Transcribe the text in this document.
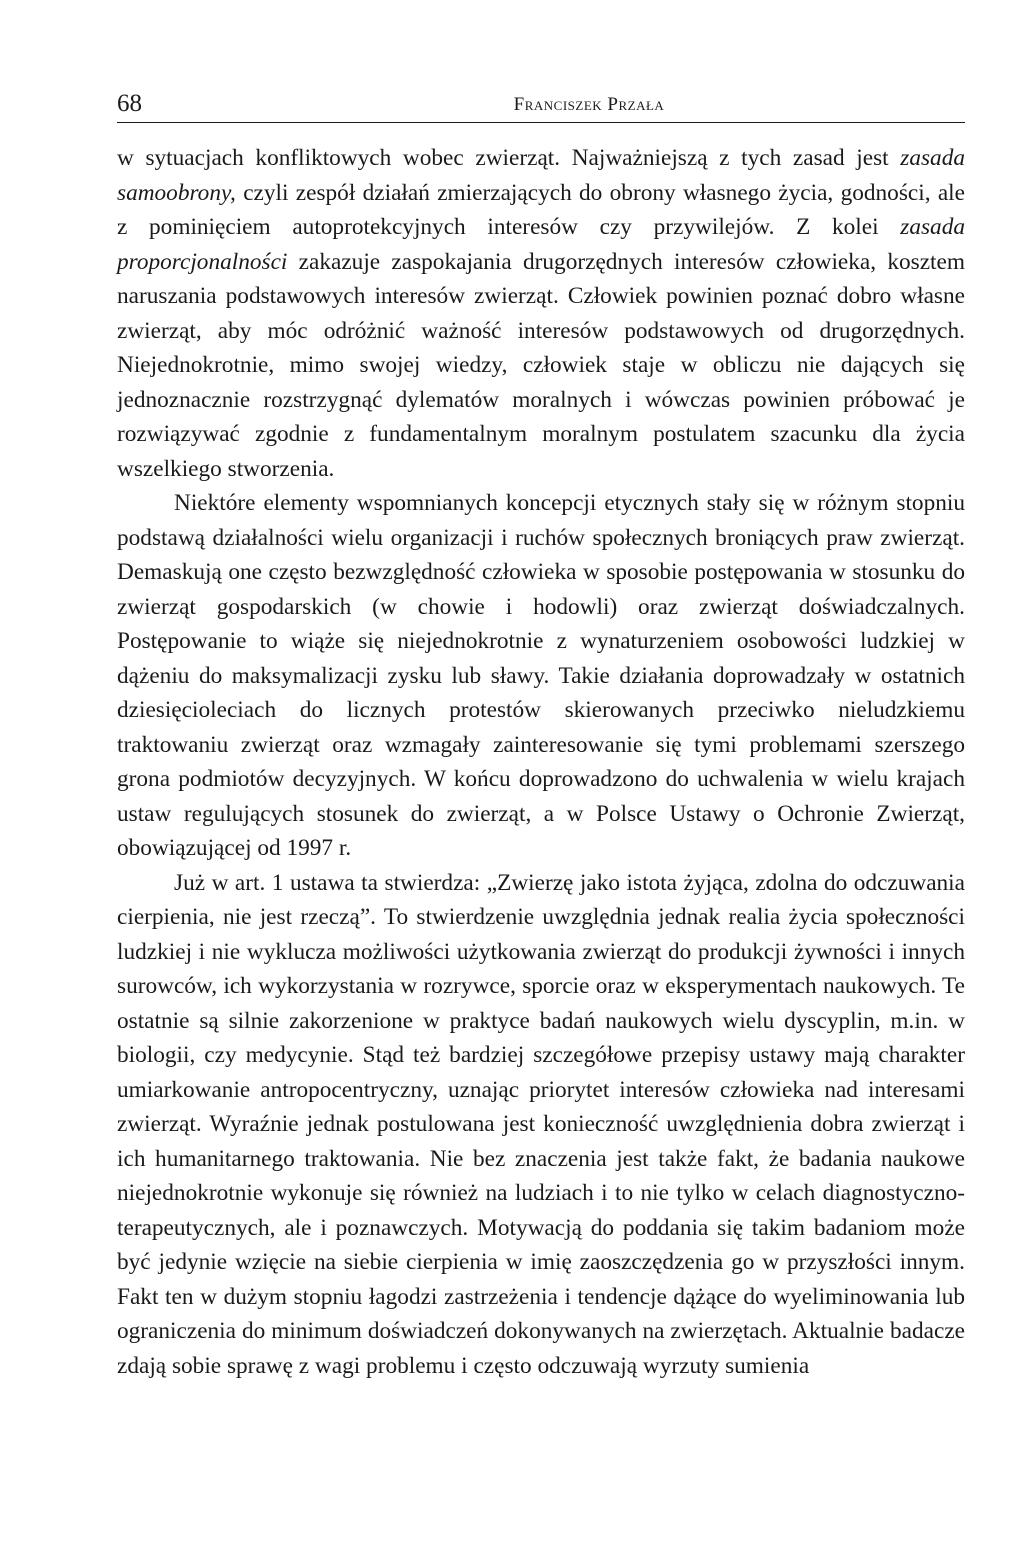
68	Franciszek Przała

w sytuacjach konfliktowych wobec zwierząt. Najważniejszą z tych zasad jest zasada samoobrony, czyli zespół działań zmierzających do obrony własnego życia, godności, ale z pominięciem autoprotekcyjnych interesów czy przywilejów. Z kolei zasada proporcjonalności zakazuje zaspokajania drugorzędnych interesów człowieka, kosztem naruszania podstawowych interesów zwierząt. Człowiek powinien poznać dobro własne zwierząt, aby móc odróżnić ważność interesów podstawowych od drugorzędnych. Niejednokrotnie, mimo swojej wiedzy, człowiek staje w obliczu nie dających się jednoznacznie rozstrzygnąć dylematów moralnych i wówczas powinien próbować je rozwiązywać zgodnie z fundamentalnym moralnym postulatem szacunku dla życia wszelkiego stworzenia.

Niektóre elementy wspomnianych koncepcji etycznych stały się w różnym stopniu podstawą działalności wielu organizacji i ruchów społecznych broniących praw zwierząt. Demaskują one często bezwzględność człowieka w sposobie postępowania w stosunku do zwierząt gospodarskich (w chowie i hodowli) oraz zwierząt doświadczalnych. Postępowanie to wiąże się niejednokrotnie z wynaturzeniem osobowości ludzkiej w dążeniu do maksymalizacji zysku lub sławy. Takie działania doprowadzały w ostatnich dziesięcioleciach do licznych protestów skierowanych przeciwko nieludzkiemu traktowaniu zwierząt oraz wzmagały zainteresowanie się tymi problemami szerszego grona podmiotów decyzyjnych. W końcu doprowadzono do uchwalenia w wielu krajach ustaw regulujących stosunek do zwierząt, a w Polsce Ustawy o Ochronie Zwierząt, obowiązującej od 1997 r.

Już w art. 1 ustawa ta stwierdza: „Zwierzę jako istota żyjąca, zdolna do odczuwania cierpienia, nie jest rzeczą”. To stwierdzenie uwzględnia jednak realia życia społeczności ludzkiej i nie wyklucza możliwości użytkowania zwierząt do produkcji żywności i innych surowców, ich wykorzystania w rozrywce, sporcie oraz w eksperymentach naukowych. Te ostatnie są silnie zakorzenione w praktyce badań naukowych wielu dyscyplin, m.in. w biologii, czy medycynie. Stąd też bardziej szczegółowe przepisy ustawy mają charakter umiarkowanie antropocentryczny, uznając priorytet interesów człowieka nad interesami zwierząt. Wyraźnie jednak postulowana jest konieczność uwzględnienia dobra zwierząt i ich humanitarnego traktowania. Nie bez znaczenia jest także fakt, że badania naukowe niejednokrotnie wykonuje się również na ludziach i to nie tylko w celach diagnostyczno-terapeutycznych, ale i poznawczych. Motywacją do poddania się takim badaniom może być jedynie wzięcie na siebie cierpienia w imię zaoszczędzenia go w przyszłości innym. Fakt ten w dużym stopniu łagodzi zastrzeżenia i tendencje dążące do wyeliminowania lub ograniczenia do minimum doświadczeń dokonywanych na zwierzętach. Aktualnie badacze zdają sobie sprawę z wagi problemu i często odczuwają wyrzuty sumienia
